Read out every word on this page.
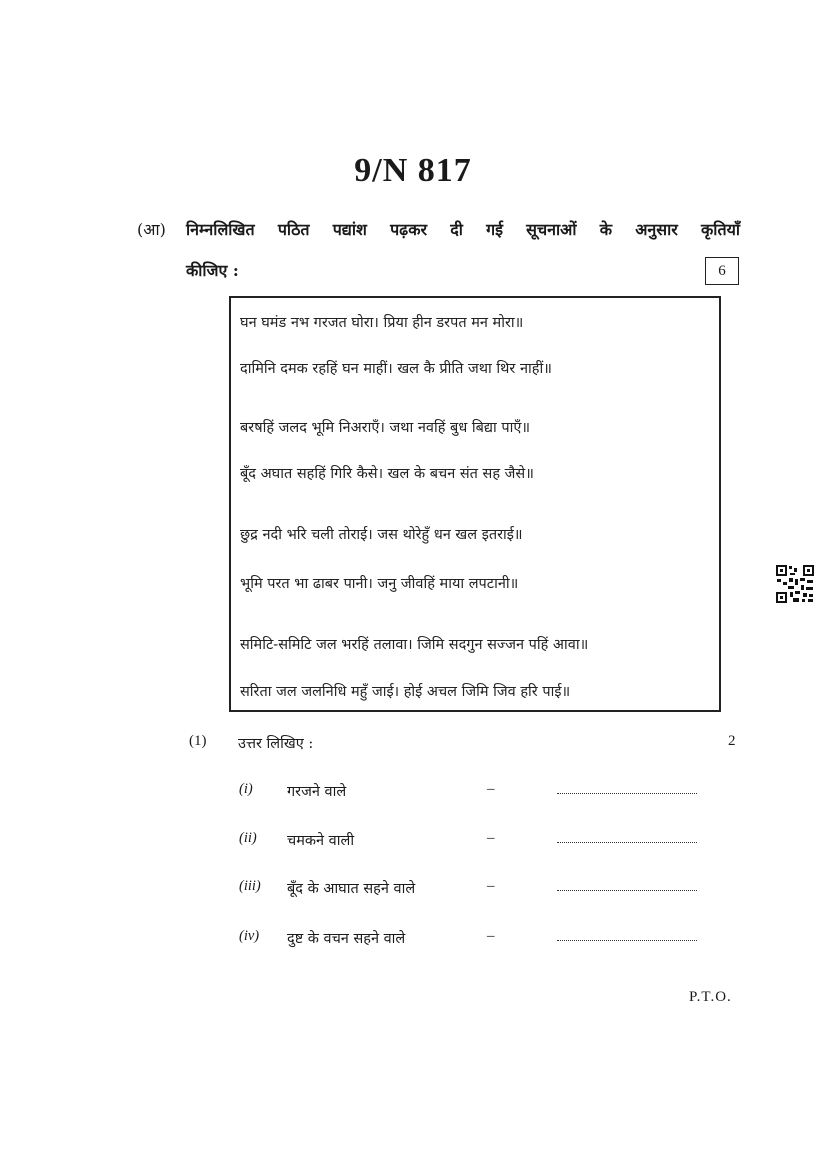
9/N 817
(आ) निम्नलिखित पठित पद्यांश पढ़कर दी गई सूचनाओं के अनुसार कृतियाँ
कीजिए :	6
घन घमंड नभ गरजत घोरा। प्रिया हीन डरपत मन मोरा॥
दामिनि दमक रहहिं घन माहीं। खल कै प्रीति जथा थिर नाहीं॥
बरषहिं जलद भूमि निअराएँ। जथा नवहिं बुध बिद्या पाएँ॥
बूँद अघात सहहिं गिरि कैसे। खल के बचन संत सह जैसे॥
छुद्र नदी भरि चली तोराई। जस थोरेहुँ धन खल इतराई॥
भूमि परत भा ढाबर पानी। जनु जीवहिं माया लपटानी॥
समिटि-समिटि जल भरहिं तलावा। जिमि सदगुन सज्जन पहिं आवा॥
सरिता जल जलनिधि महुँ जाई। होई अचल जिमि जिव हरि पाई॥
(1) उत्तर लिखिए :	2
(i) गरजने वाले	–
(ii) चमकने वाली	–
(iii) बूँद के आघात सहने वाले	–
(iv) दुष्ट के वचन सहने वाले	–
P.T.O.
